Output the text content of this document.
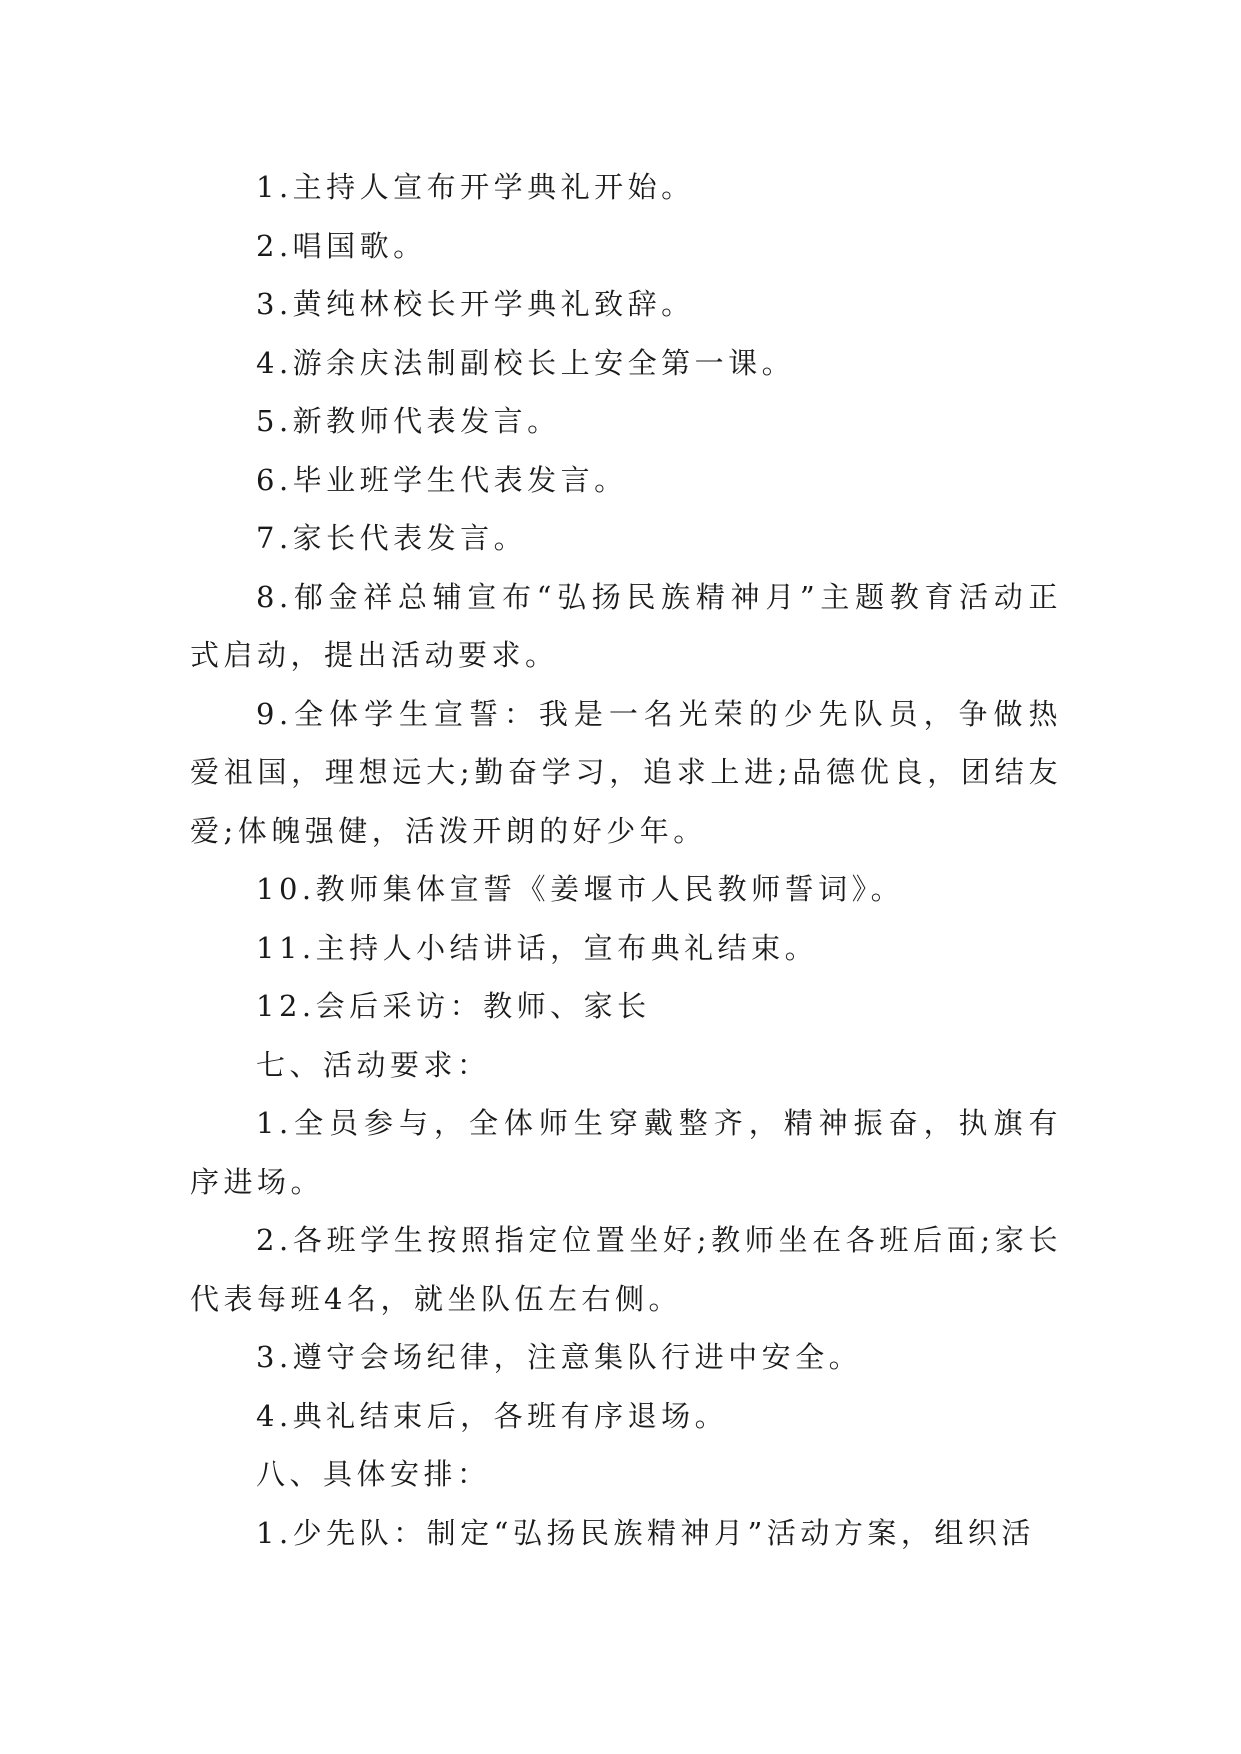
1.主持人宣布开学典礼开始。

2.唱国歌。

3.黄纯林校长开学典礼致辞。

4.游余庆法制副校长上安全第一课。

5.新教师代表发言。

6.毕业班学生代表发言。

7.家长代表发言。

8.郁金祥总辅宣布“弘扬民族精神月”主题教育活动正式启动，提出活动要求。

9.全体学生宣誓：我是一名光荣的少先队员，争做热爱祖国，理想远大;勤奋学习，追求上进;品德优良，团结友爱;体魄强健，活泼开朗的好少年。

10.教师集体宣誓《姜堰市人民教师誓词》。

11.主持人小结讲话，宣布典礼结束。

12.会后采访：教师、家长

七、活动要求：

1.全员参与，全体师生穿戴整齐，精神振奋，执旗有序进场。

2.各班学生按照指定位置坐好;教师坐在各班后面;家长代表每班4名，就坐队伍左右侧。

3.遵守会场纪律，注意集队行进中安全。

4.典礼结束后，各班有序退场。

八、具体安排：

1.少先队：制定“弘扬民族精神月”活动方案，组织活
